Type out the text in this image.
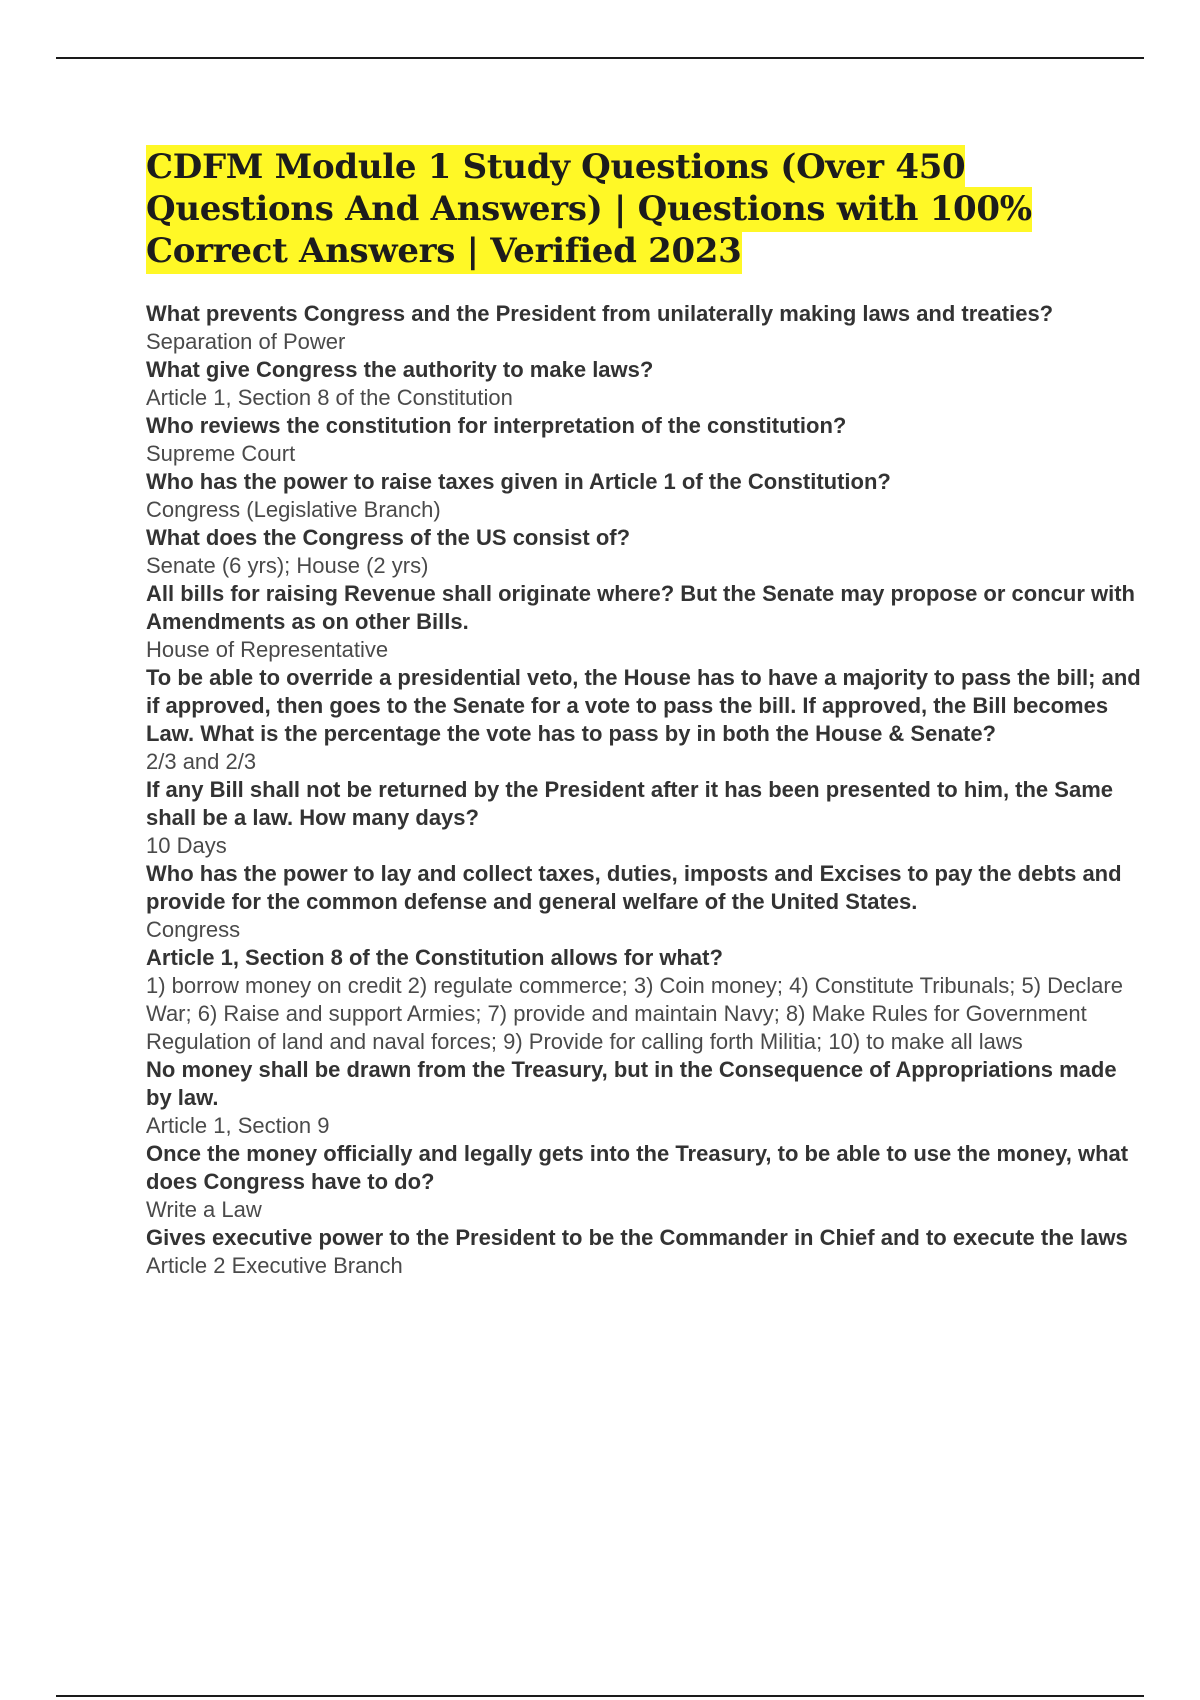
CDFM Module 1 Study Questions (Over 450 Questions And Answers) | Questions with 100% Correct Answers | Verified 2023

What prevents Congress and the President from unilaterally making laws and treaties?

Separation of Power

What give Congress the authority to make laws?

Article 1, Section 8 of the Constitution

Who reviews the constitution for interpretation of the constitution?

Supreme Court

Who has the power to raise taxes given in Article 1 of the Constitution?

Congress (Legislative Branch)

What does the Congress of the US consist of?

Senate (6 yrs); House (2 yrs)

All bills for raising Revenue shall originate where? But the Senate may propose or concur with Amendments as on other Bills.

House of Representative

To be able to override a presidential veto, the House has to have a majority to pass the bill; and if approved, then goes to the Senate for a vote to pass the bill. If approved, the Bill becomes Law. What is the percentage the vote has to pass by in both the House & Senate?

2/3 and 2/3

If any Bill shall not be returned by the President after it has been presented to him, the Same shall be a law. How many days?

10 Days

Who has the power to lay and collect taxes, duties, imposts and Excises to pay the debts and provide for the common defense and general welfare of the United States.

Congress

Article 1, Section 8 of the Constitution allows for what?

1) borrow money on credit 2) regulate commerce; 3) Coin money; 4) Constitute Tribunals; 5) Declare War; 6) Raise and support Armies; 7) provide and maintain Navy; 8) Make Rules for Government Regulation of land and naval forces; 9) Provide for calling forth Militia; 10) to make all laws

No money shall be drawn from the Treasury, but in the Consequence of Appropriations made by law.

Article 1, Section 9

Once the money officially and legally gets into the Treasury, to be able to use the money, what does Congress have to do?

Write a Law

Gives executive power to the President to be the Commander in Chief and to execute the laws

Article 2 Executive Branch
